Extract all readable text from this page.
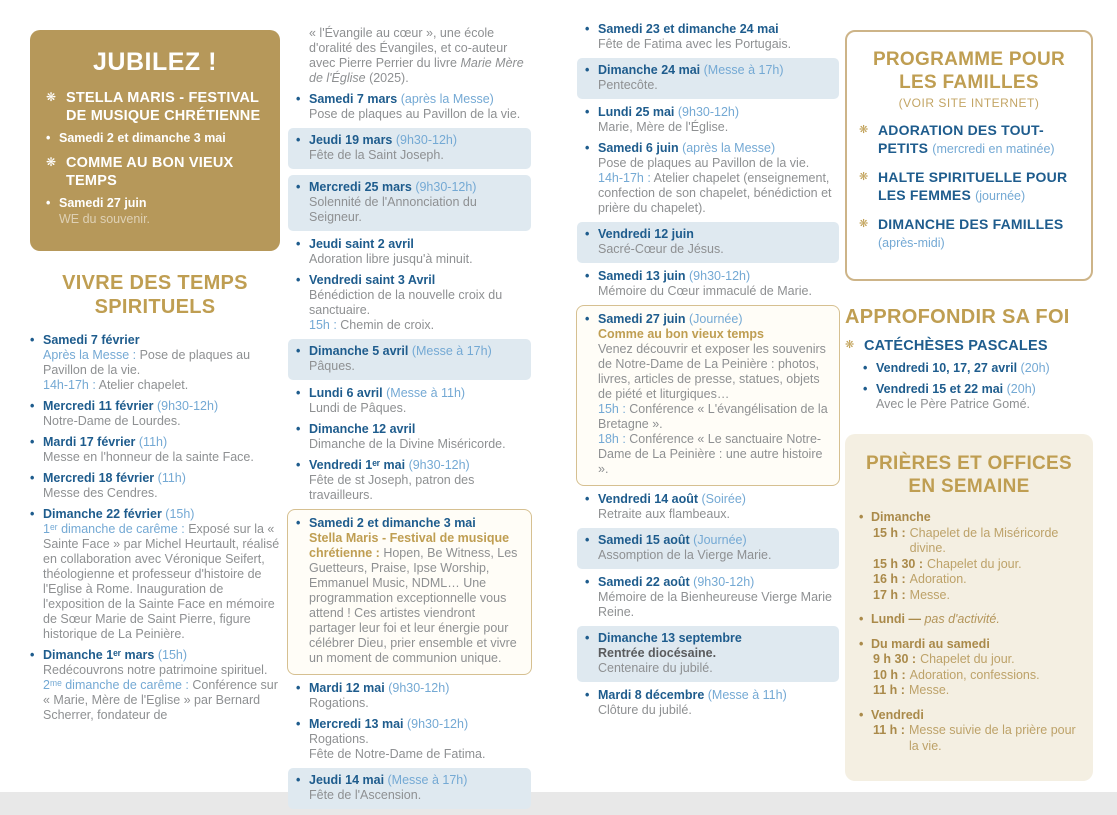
JUBILEZ !
❋ STELLA MARIS - FESTIVAL DE MUSIQUE CHRÉTIENNE
• Samedi 2 et dimanche 3 mai
❋ COMME AU BON VIEUX TEMPS
• Samedi 27 juin
WE du souvenir.
VIVRE DES TEMPS SPIRITUELS
• Samedi 7 février
Après la Messe : Pose de plaques au Pavillon de la vie.
14h-17h : Atelier chapelet.
• Mercredi 11 février (9h30-12h)
Notre-Dame de Lourdes.
• Mardi 17 février (11h)
Messe en l'honneur de la sainte Face.
• Mercredi 18 février (11h)
Messe des Cendres.
• Dimanche 22 février (15h)
1ᵉʳ dimanche de carême : Exposé sur la « Sainte Face » par Michel Heurtault, réalisé en collaboration avec Véronique Seifert, théologienne et professeur d'histoire de l'Eglise à Rome. Inauguration de l'exposition de la Sainte Face en mémoire de Sœur Marie de Saint Pierre, figure historique de La Peinière.
• Dimanche 1ᵉʳ mars (15h)
Redécouvrons notre patrimoine spirituel.
2ᵐᵉ dimanche de carême : Conférence sur « Marie, Mère de l'Eglise » par Bernard Scherrer, fondateur de
« l'Évangile au cœur », une école d'oralité des Évangiles, et co-auteur avec Pierre Perrier du livre Marie Mère de l'Église (2025).
• Samedi 7 mars (après la Messe)
Pose de plaques au Pavillon de la vie.
• Jeudi 19 mars (9h30-12h)
Fête de la Saint Joseph.
• Mercredi 25 mars (9h30-12h)
Solennité de l'Annonciation du Seigneur.
• Jeudi saint 2 avril
Adoration libre jusqu'à minuit.
• Vendredi saint 3 Avril
Bénédiction de la nouvelle croix du sanctuaire.
15h : Chemin de croix.
• Dimanche 5 avril (Messe à 17h)
Pâques.
• Lundi 6 avril (Messe à 11h)
Lundi de Pâques.
• Dimanche 12 avril
Dimanche de la Divine Miséricorde.
• Vendredi 1ᵉʳ mai (9h30-12h)
Fête de st Joseph, patron des travailleurs.
• Samedi 2 et dimanche 3 mai
Stella Maris - Festival de musique chrétienne : Hopen, Be Witness, Les Guetteurs, Praise, Ipse Worship, Emmanuel Music, NDML… Une programmation exceptionnelle vous attend ! Ces artistes viendront partager leur foi et leur énergie pour célébrer Dieu, prier ensemble et vivre un moment de communion unique.
• Mardi 12 mai (9h30-12h)
Rogations.
• Mercredi 13 mai (9h30-12h)
Rogations.
Fête de Notre-Dame de Fatima.
• Jeudi 14 mai (Messe à 17h)
Fête de l'Ascension.
• Samedi 23 et dimanche 24 mai
Fête de Fatima avec les Portugais.
• Dimanche 24 mai (Messe à 17h)
Pentecôte.
• Lundi 25 mai (9h30-12h)
Marie, Mère de l'Église.
• Samedi 6 juin (après la Messe)
Pose de plaques au Pavillon de la vie.
14h-17h : Atelier chapelet (enseignement, confection de son chapelet, bénédiction et prière du chapelet).
• Vendredi 12 juin
Sacré-Cœur de Jésus.
• Samedi 13 juin (9h30-12h)
Mémoire du Cœur immaculé de Marie.
• Samedi 27 juin (Journée)
Comme au bon vieux temps
Venez découvrir et exposer les souvenirs de Notre-Dame de La Peinière : photos, livres, articles de presse, statues, objets de piété et liturgiques…
15h : Conférence « L'évangélisation de la Bretagne ».
18h : Conférence « Le sanctuaire Notre-Dame de La Peinière : une autre histoire ».
• Vendredi 14 août (Soirée)
Retraite aux flambeaux.
• Samedi 15 août (Journée)
Assomption de la Vierge Marie.
• Samedi 22 août (9h30-12h)
Mémoire de la Bienheureuse Vierge Marie Reine.
• Dimanche 13 septembre
Rentrée diocésaine.
Centenaire du jubilé.
• Mardi 8 décembre (Messe à 11h)
Clôture du jubilé.
PROGRAMME POUR LES FAMILLES
(VOIR SITE INTERNET)
❋ ADORATION DES TOUT-PETITS (mercredi en matinée)
❋ HALTE SPIRITUELLE POUR LES FEMMES (journée)
❋ DIMANCHE DES FAMILLES (après-midi)
APPROFONDIR SA FOI
❋ CATÉCHÈSES PASCALES
• Vendredi 10, 17, 27 avril (20h)
• Vendredi 15 et 22 mai (20h)
Avec le Père Patrice Gomé.
PRIÈRES ET OFFICES EN SEMAINE
• Dimanche
15 h : Chapelet de la Miséricorde divine.
15 h 30 : Chapelet du jour.
16 h : Adoration.
17 h : Messe.
• Lundi — pas d'activité.
• Du mardi au samedi
9 h 30 : Chapelet du jour.
10 h : Adoration, confessions.
11 h : Messe.
• Vendredi
11 h : Messe suivie de la prière pour la vie.
